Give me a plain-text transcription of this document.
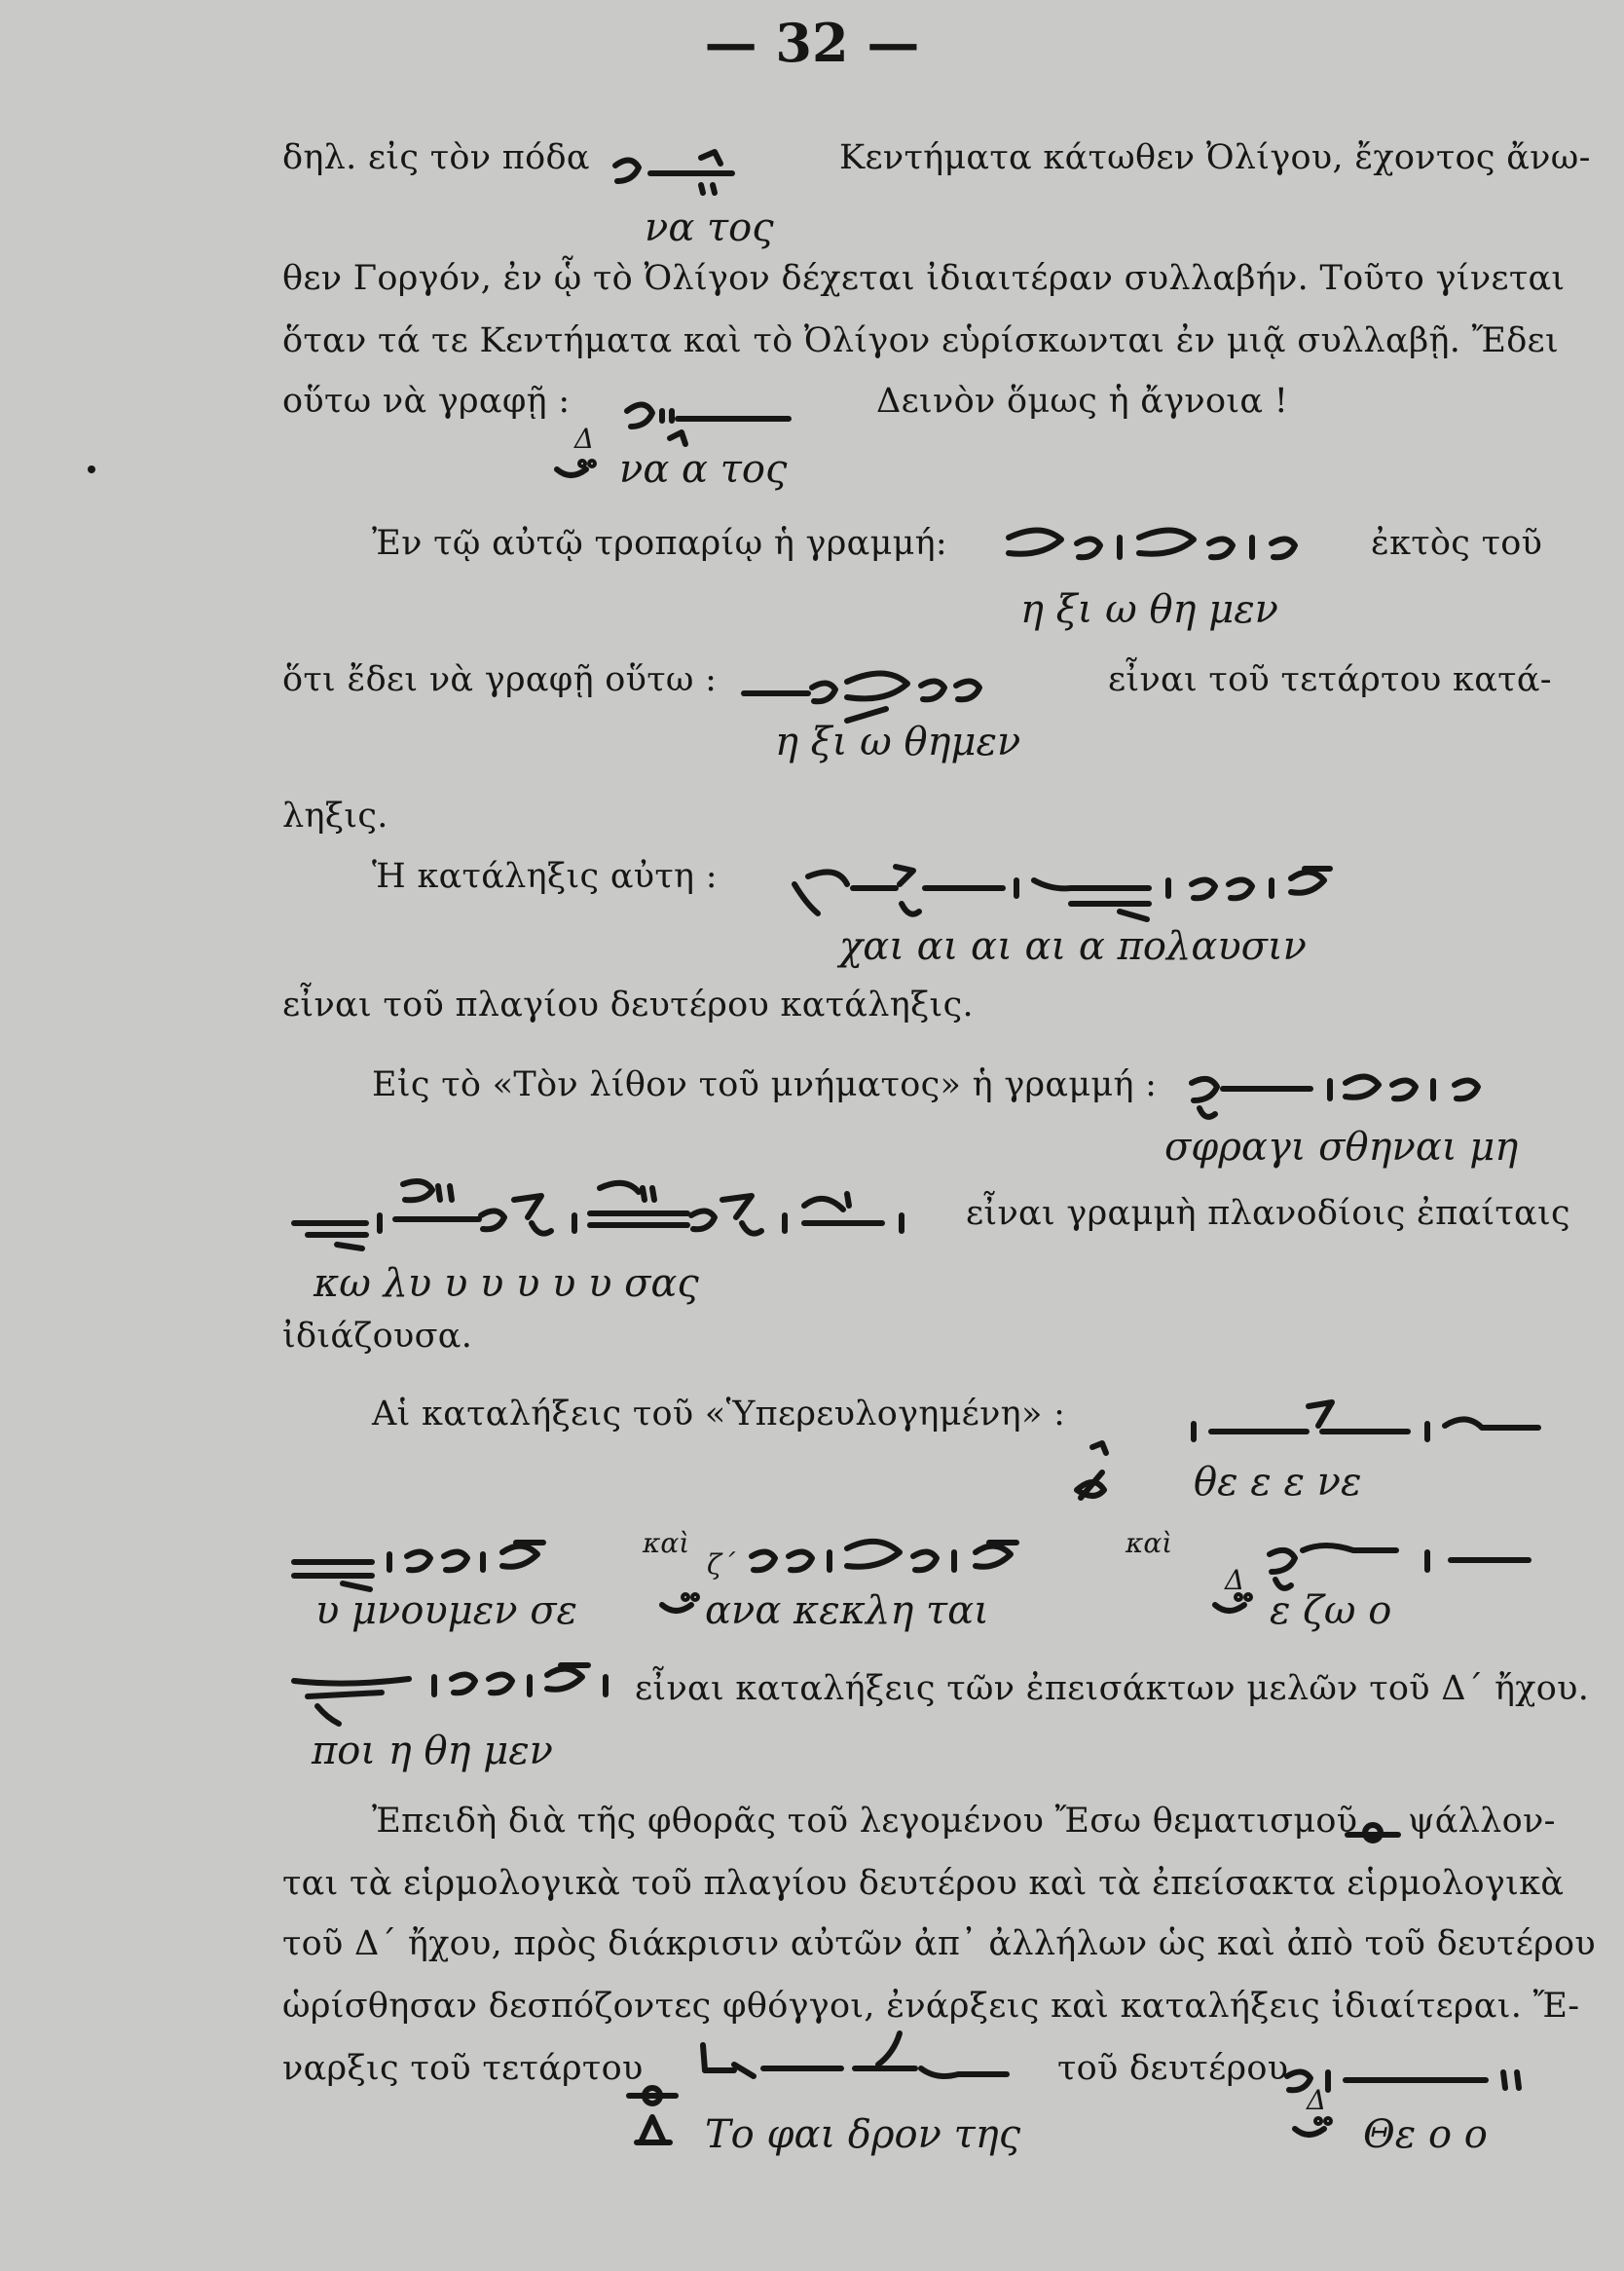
— 32 —
δηλ. εἰς τὸν πόδα	Κεντήματα κάτωθεν Ὀλίγου, ἔχοντος ἄνω-
να τος
θεν Γοργόν, ἐν ᾧ τὸ Ὀλίγον δέχεται ἰδιαιτέραν συλλαβήν. Τοῦτο γίνεται
ὅταν τά τε Κεντήματα καὶ τὸ Ὀλίγον εὑρίσκωνται ἐν μιᾷ συλλαβῇ. Ἔδει
οὕτω νὰ γραφῇ :	Δεινὸν ὅμως ἡ ἄγνοια !
Δ
να α τος
Ἐν τῷ αὐτῷ τροπαρίῳ ἡ γραμμή:	ἐκτὸς τοῦ
η ξι ω θη μεν
ὅτι ἔδει νὰ γραφῇ οὕτω :	εἶναι τοῦ τετάρτου κατά-
η ξι ω θημεν
ληξις.
Ἡ κατάληξις αὐτη :
χαι αι αι αι α πολαυσιν
εἶναι τοῦ πλαγίου δευτέρου κατάληξις.
Εἰς τὸ «Τὸν λίθον τοῦ μνήματος» ἡ γραμμή :
σφραγι σθηναι μη
εἶναι γραμμὴ πλανοδίοις ἐπαίταις
κω λυ υ υ υ υ υ σας
ἰδιάζουσα.
Αἱ καταλήξεις τοῦ «Ὑπερευλογημένη» :
θε ε ε νε
καὶ
ζ΄
καὶ
Δ
υ μνουμεν σε	ανα κεκλη ται	ε ζω ο
εἶναι καταλήξεις τῶν ἐπεισάκτων μελῶν τοῦ Δ΄ ἤχου.
ποι η θη μεν
Ἐπειδὴ διὰ τῆς φθορᾶς τοῦ λεγομένου Ἔσω θεματισμοῦ ψάλλον-
ται τὰ εἱρμολογικὰ τοῦ πλαγίου δευτέρου καὶ τὰ ἐπείσακτα εἱρμολογικὰ
τοῦ Δ΄ ἤχου, πρὸς διάκρισιν αὐτῶν ἀπ᾿ ἀλλήλων ὡς καὶ ἀπὸ τοῦ δευτέρου
ὡρίσθησαν δεσπόζοντες φθόγγοι, ἐνάρξεις καὶ καταλήξεις ἰδιαίτεραι. Ἔ-
ναρξις τοῦ τετάρτου	τοῦ δευτέρου
Το φαι δρον της
Δ
Θε ο ο
